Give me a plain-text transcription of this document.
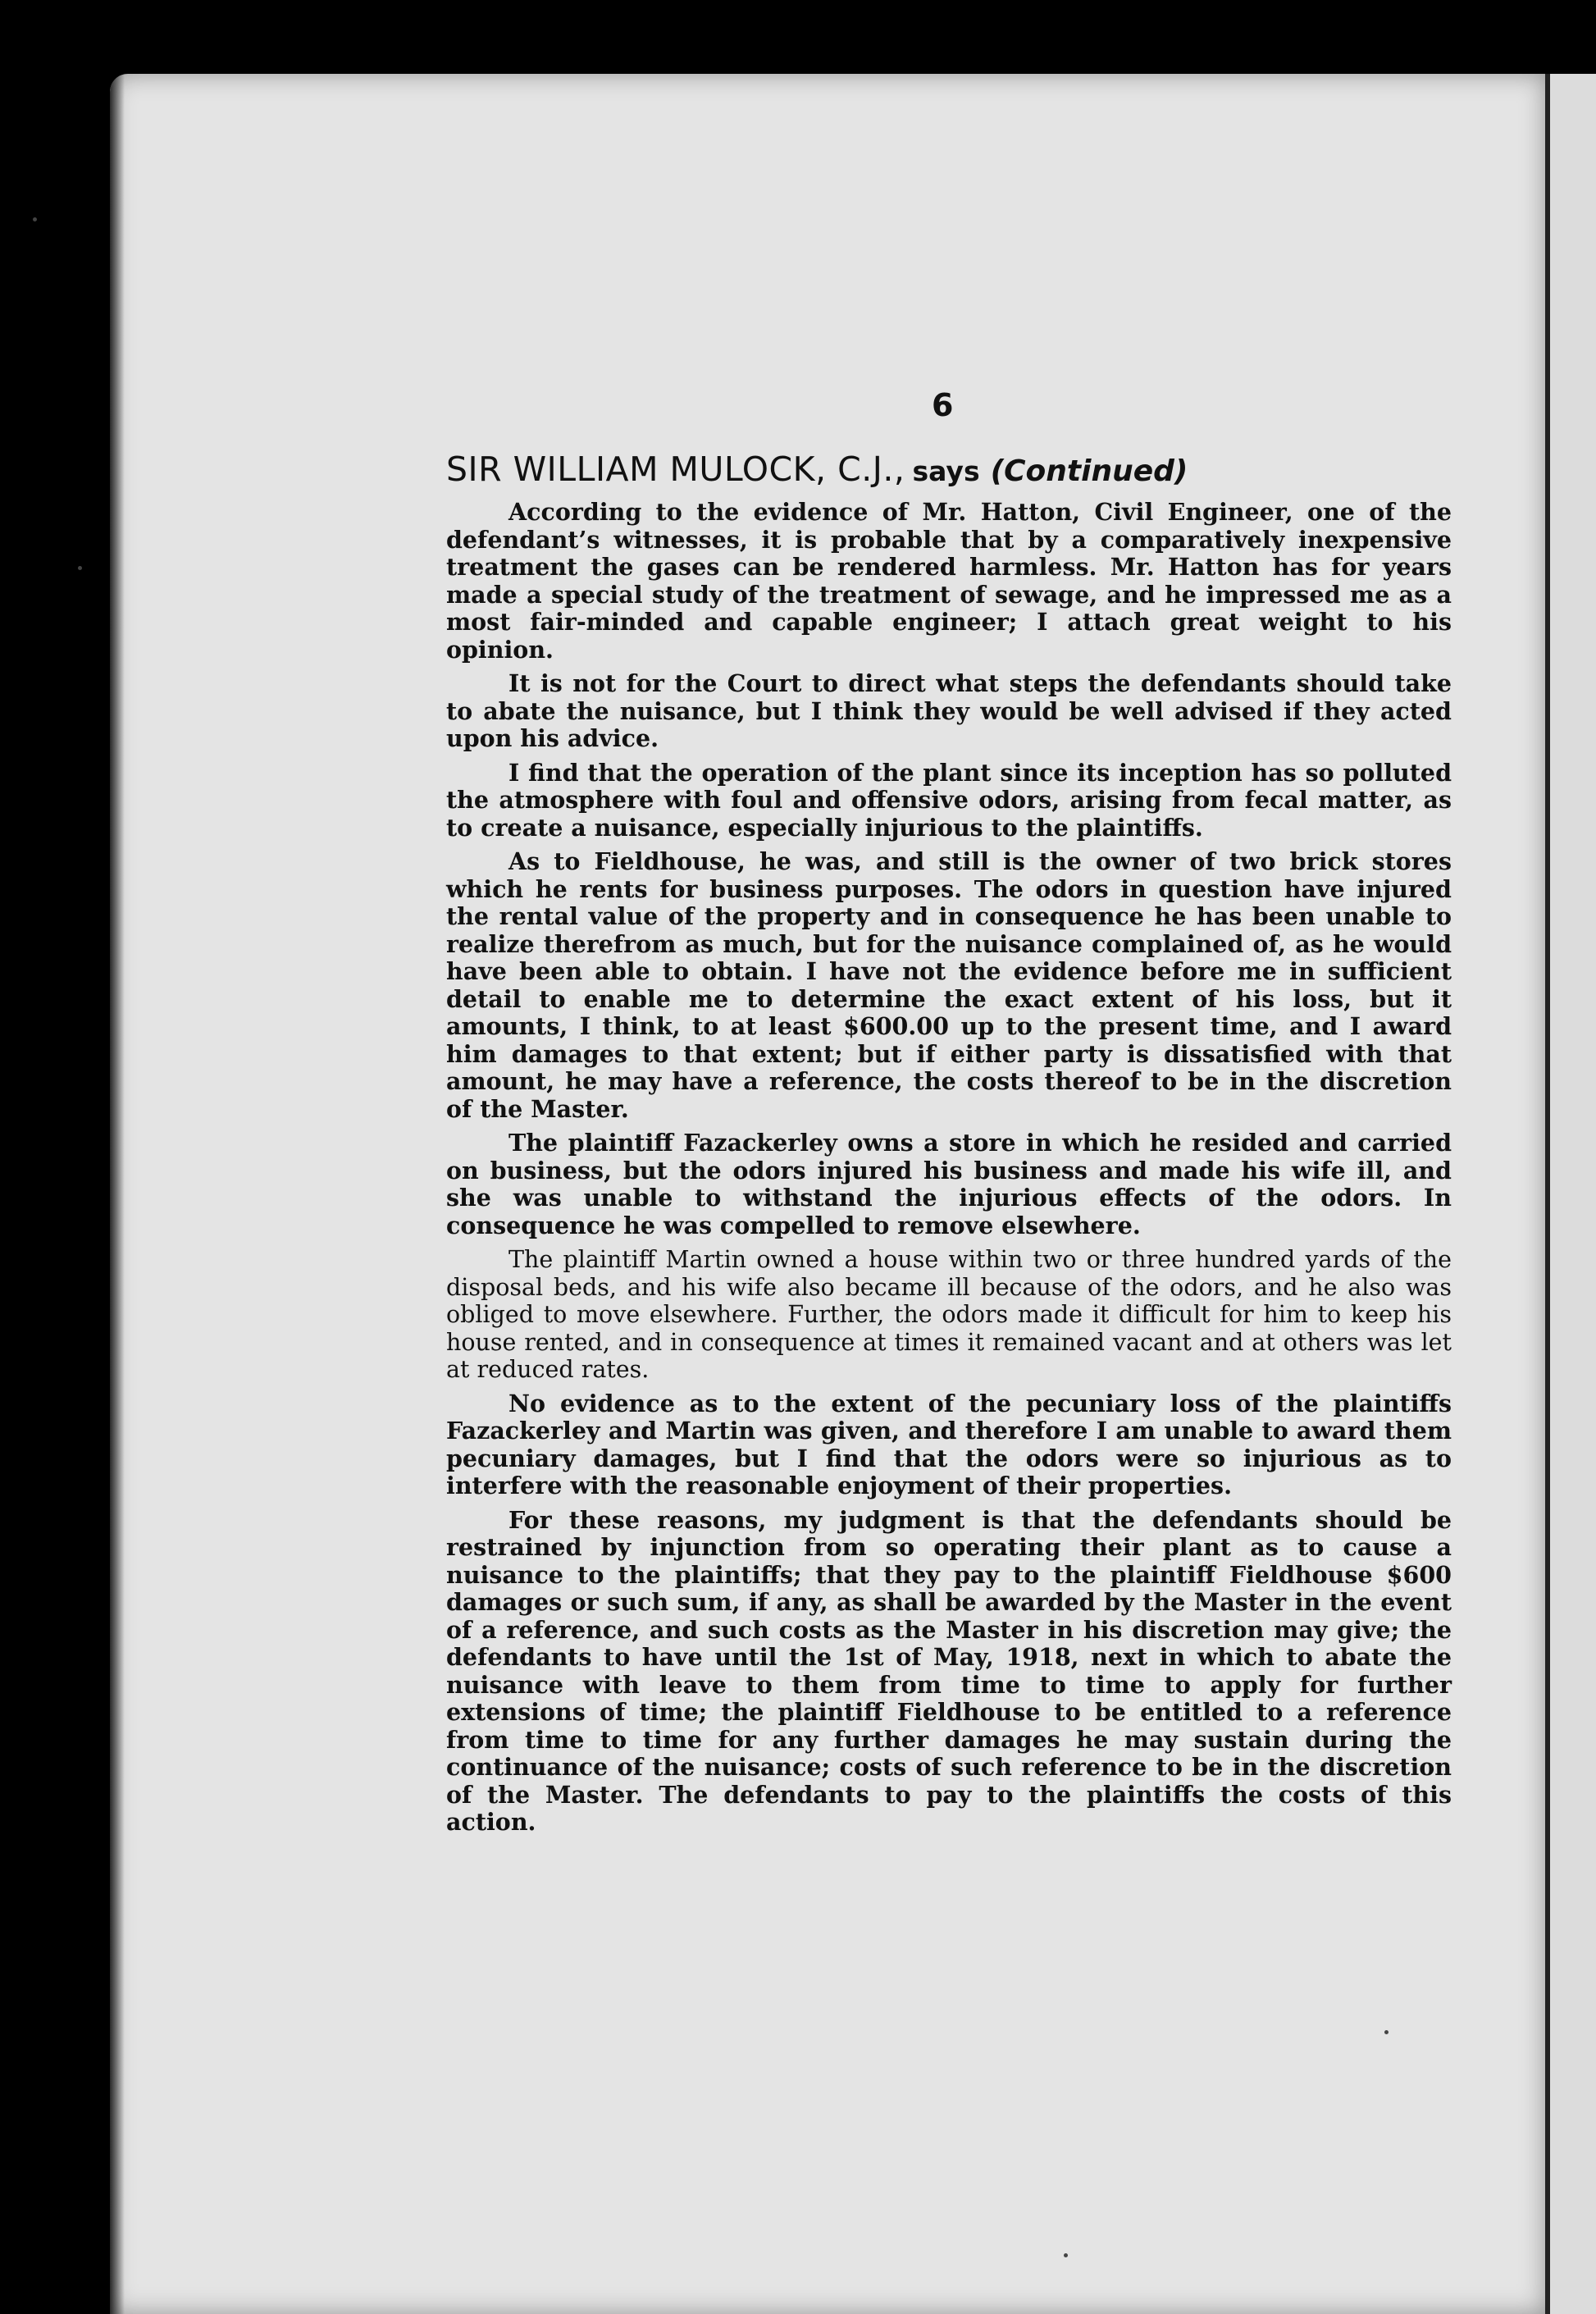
6
SIR WILLIAM MULOCK, C.J., says (Continued)

According to the evidence of Mr. Hatton, Civil Engineer, one of the defendant’s witnesses, it is probable that by a comparatively inexpensive treatment the gases can be rendered harmless. Mr. Hatton has for years made a special study of the treatment of sewage, and he impressed me as a most fair-minded and capable engineer; I attach great weight to his opinion.

It is not for the Court to direct what steps the defendants should take to abate the nuisance, but I think they would be well advised if they acted upon his advice.

I find that the operation of the plant since its inception has so polluted the atmosphere with foul and offensive odors, arising from fecal matter, as to create a nuisance, especially injurious to the plaintiffs.

As to Fieldhouse, he was, and still is the owner of two brick stores which he rents for business purposes. The odors in question have injured the rental value of the property and in consequence he has been unable to realize therefrom as much, but for the nuisance complained of, as he would have been able to obtain. I have not the evidence before me in sufficient detail to enable me to determine the exact extent of his loss, but it amounts, I think, to at least $600.00 up to the present time, and I award him damages to that extent; but if either party is dissatisfied with that amount, he may have a reference, the costs thereof to be in the discretion of the Master.

The plaintiff Fazackerley owns a store in which he resided and carried on business, but the odors injured his business and made his wife ill, and she was unable to withstand the injurious effects of the odors. In consequence he was compelled to remove elsewhere.

The plaintiff Martin owned a house within two or three hundred yards of the disposal beds, and his wife also became ill because of the odors, and he also was obliged to move elsewhere. Further, the odors made it difficult for him to keep his house rented, and in consequence at times it remained vacant and at others was let at reduced rates.

No evidence as to the extent of the pecuniary loss of the plaintiffs Fazackerley and Martin was given, and therefore I am unable to award them pecuniary damages, but I find that the odors were so injurious as to interfere with the reasonable enjoyment of their properties.

For these reasons, my judgment is that the defendants should be restrained by injunction from so operating their plant as to cause a nuisance to the plaintiffs; that they pay to the plaintiff Fieldhouse $600 damages or such sum, if any, as shall be awarded by the Master in the event of a reference, and such costs as the Master in his discretion may give; the defendants to have until the 1st of May, 1918, next in which to abate the nuisance with leave to them from time to time to apply for further extensions of time; the plaintiff Fieldhouse to be entitled to a reference from time to time for any further damages he may sustain during the continuance of the nuisance; costs of such reference to be in the discretion of the Master. The defendants to pay to the plaintiffs the costs of this action.
